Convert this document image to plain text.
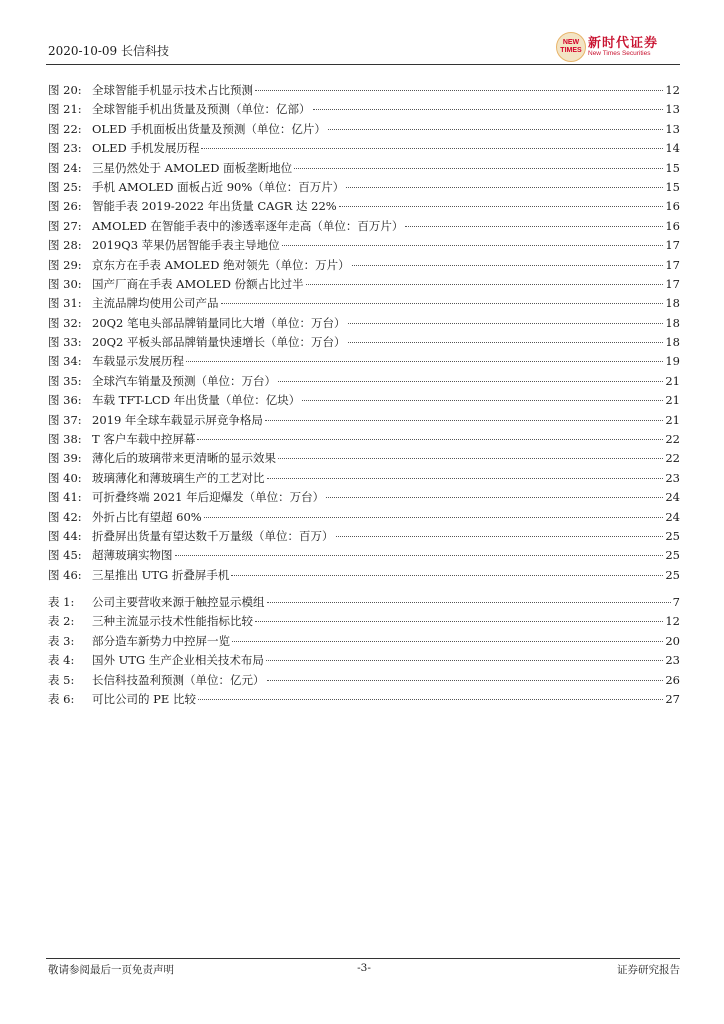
2020-10-09 长信科技
NEW TIMES 新时代证券
New Times Securities
图 20: 全球智能手机显示技术占比预测	12
图 21: 全球智能手机出货量及预测（单位：亿部）	13
图 22: OLED 手机面板出货量及预测（单位：亿片）	13
图 23: OLED 手机发展历程	14
图 24: 三星仍然处于 AMOLED 面板垄断地位	15
图 25: 手机 AMOLED 面板占近 90%（单位：百万片）	15
图 26: 智能手表 2019-2022 年出货量 CAGR 达 22%	16
图 27: AMOLED 在智能手表中的渗透率逐年走高（单位：百万片）	16
图 28: 2019Q3 苹果仍居智能手表主导地位	17
图 29: 京东方在手表 AMOLED 绝对领先（单位：万片）	17
图 30: 国产厂商在手表 AMOLED 份额占比过半	17
图 31: 主流品牌均使用公司产品	18
图 32: 20Q2 笔电头部品牌销量同比大增（单位：万台）	18
图 33: 20Q2 平板头部品牌销量快速增长（单位：万台）	18
图 34: 车载显示发展历程	19
图 35: 全球汽车销量及预测（单位：万台）	21
图 36: 车载 TFT-LCD 年出货量（单位：亿块）	21
图 37: 2019 年全球车载显示屏竞争格局	21
图 38: T 客户车载中控屏幕	22
图 39: 薄化后的玻璃带来更清晰的显示效果	22
图 40: 玻璃薄化和薄玻璃生产的工艺对比	23
图 41: 可折叠终端 2021 年后迎爆发（单位：万台）	24
图 42: 外折占比有望超 60%	24
图 44: 折叠屏出货量有望达数千万量级（单位：百万）	25
图 45: 超薄玻璃实物图	25
图 46: 三星推出 UTG 折叠屏手机	25
表 1:	公司主要营收来源于触控显示模组	7
表 2:	三种主流显示技术性能指标比较	12
表 3:	部分造车新势力中控屏一览	20
表 4:	国外 UTG 生产企业相关技术布局	23
表 5:	长信科技盈利预测（单位：亿元）	26
表 6:	可比公司的 PE 比较	27
敬请参阅最后一页免责声明	-3-	证券研究报告
